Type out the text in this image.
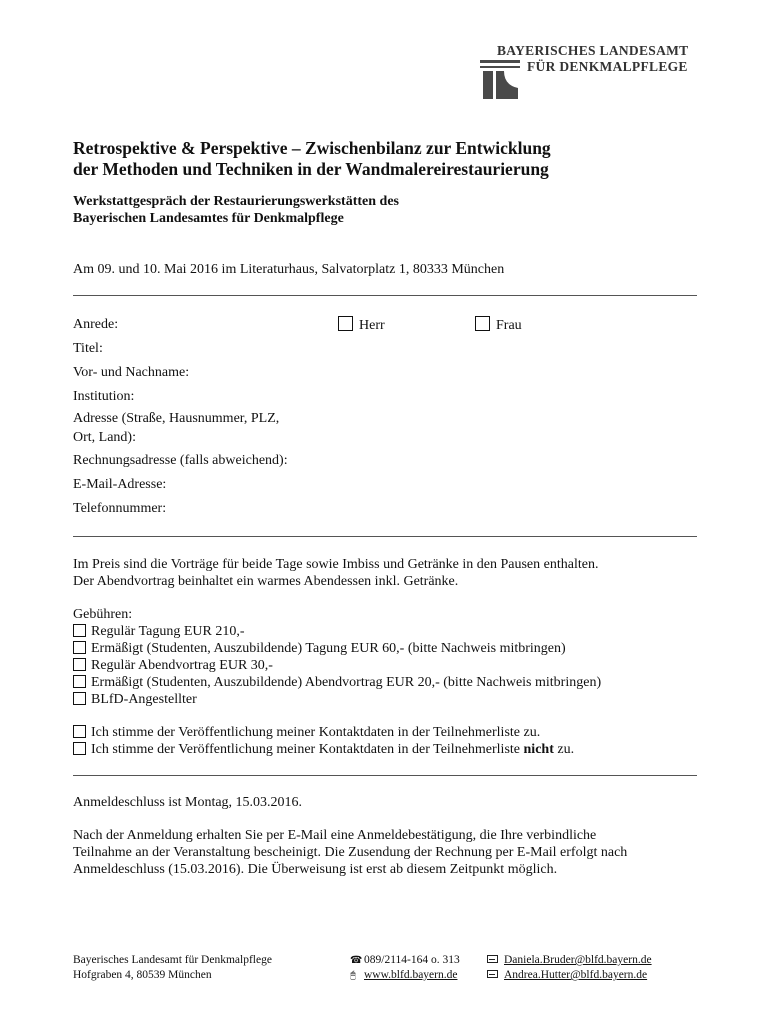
BAYERISCHES LANDESAMT
FÜR DENKMALPFLEGE
Retrospektive & Perspektive – Zwischenbilanz zur Entwicklung
der Methoden und Techniken in der Wandmalereirestaurierung
Werkstattgespräch der Restaurierungswerkstätten des
Bayerischen Landesamtes für Denkmalpflege
Am 09. und 10. Mai 2016 im Literaturhaus, Salvatorplatz 1, 80333 München
Anrede:	Herr	Frau
Titel:
Vor- und Nachname:
Institution:
Adresse (Straße, Hausnummer, PLZ,
Ort, Land):
Rechnungsadresse (falls abweichend):
E-Mail-Adresse:
Telefonnummer:
Im Preis sind die Vorträge für beide Tage sowie Imbiss und Getränke in den Pausen enthalten.
Der Abendvortrag beinhaltet ein warmes Abendessen inkl. Getränke.
Gebühren:
Regulär Tagung EUR 210,-
Ermäßigt (Studenten, Auszubildende) Tagung EUR 60,- (bitte Nachweis mitbringen)
Regulär Abendvortrag EUR 30,-
Ermäßigt (Studenten, Auszubildende) Abendvortrag EUR 20,- (bitte Nachweis mitbringen)
BLfD-Angestellter
Ich stimme der Veröffentlichung meiner Kontaktdaten in der Teilnehmerliste zu.
Ich stimme der Veröffentlichung meiner Kontaktdaten in der Teilnehmerliste nicht zu.
Anmeldeschluss ist Montag, 15.03.2016.
Nach der Anmeldung erhalten Sie per E-Mail eine Anmeldebestätigung, die Ihre verbindliche
Teilnahme an der Veranstaltung bescheinigt. Die Zusendung der Rechnung per E-Mail erfolgt nach
Anmeldeschluss (15.03.2016). Die Überweisung ist erst ab diesem Zeitpunkt möglich.
Bayerisches Landesamt für Denkmalpflege
Hofgraben 4, 80539 München
☎ 089/2114-164 o. 313
🖰 www.blfd.bayern.de
Daniela.Bruder@blfd.bayern.de
Andrea.Hutter@blfd.bayern.de
